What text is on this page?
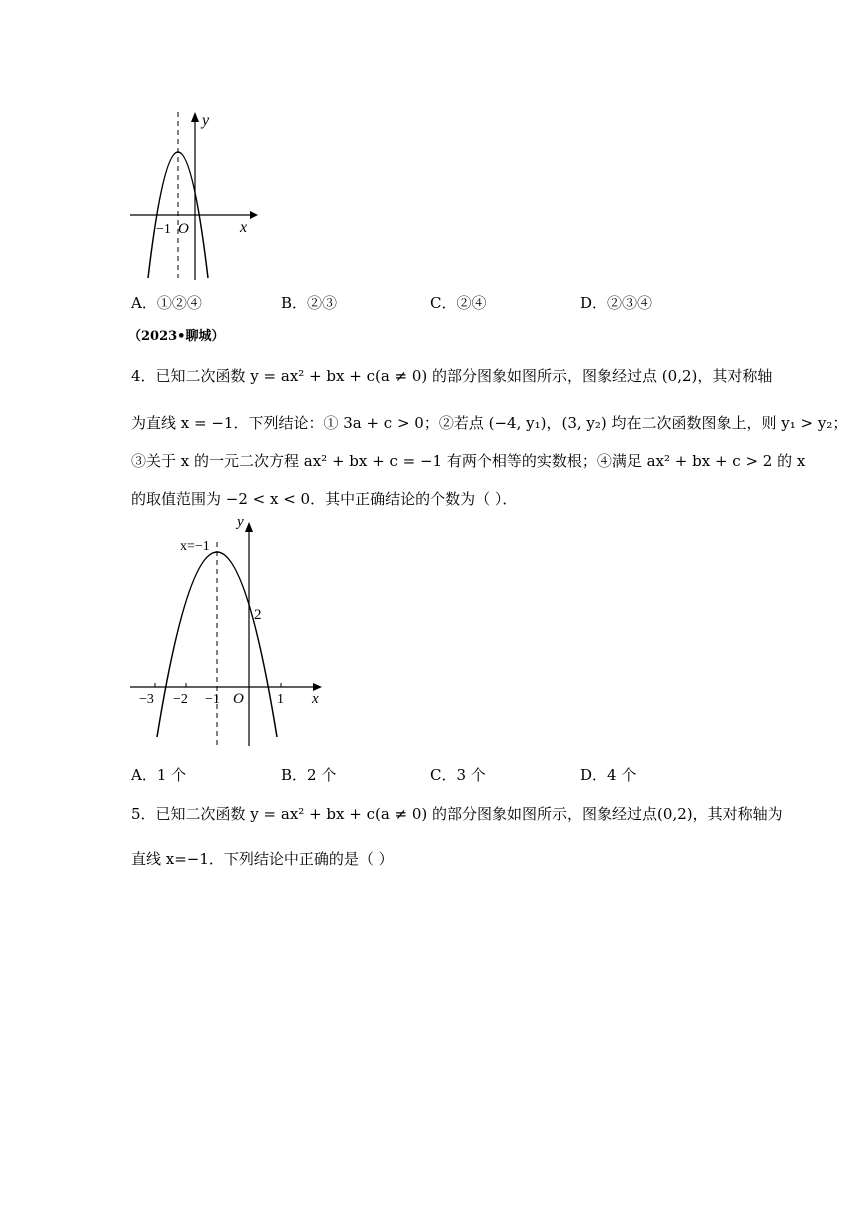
y
x
−1 O
A．①②④	B．②③	C．②④	D．②③④
（2023•聊城）
4．已知二次函数 y = ax² + bx + c(a ≠ 0) 的部分图象如图所示，图象经过点 (0,2)，其对称轴
为直线 x = −1．下列结论：① 3a + c > 0；②若点 (−4, y₁)，(3, y₂) 均在二次函数图象上，则 y₁ > y₂；
③关于 x 的一元二次方程 ax² + bx + c = −1 有两个相等的实数根；④满足 ax² + bx + c > 2 的 x
的取值范围为 −2 < x < 0．其中正确结论的个数为（ ）．
y
x
x=−1
2
−3 −2 −1 O 1
A．1 个	B．2 个	C．3 个	D．4 个
5．已知二次函数 y = ax² + bx + c(a ≠ 0) 的部分图象如图所示，图象经过点(0,2)，其对称轴为
直线 x=−1．下列结论中正确的是（ ）
